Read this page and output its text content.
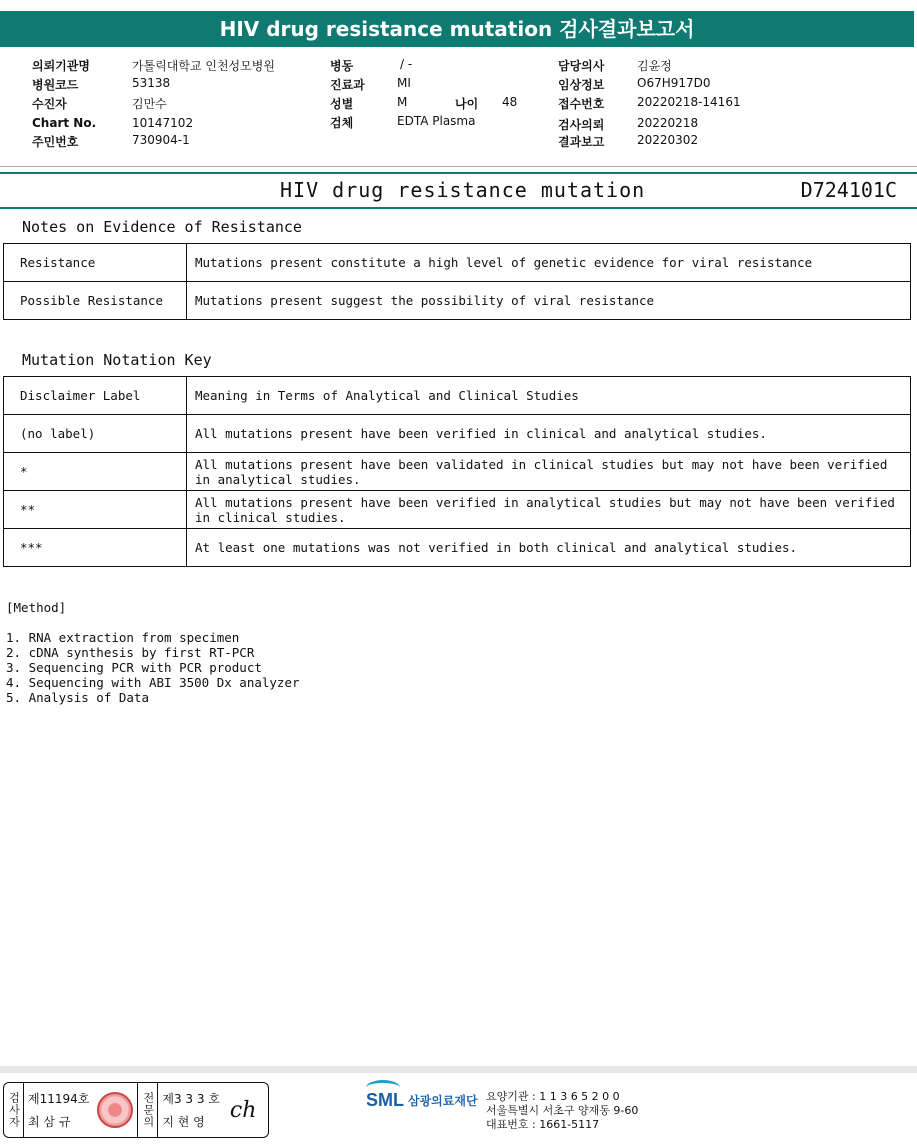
HIV drug resistance mutation 검사결과보고서
의뢰기관명	가톨릭대학교 인천성모병원
병원코드	53138
수진자	김만수
Chart No.	10147102
주민번호	730904-1
병동	/ -
진료과	MI
성별	M	나이 48
검체	EDTA Plasma
담당의사	김윤정
임상정보	O67H917D0
접수번호	20220218-14161
검사의뢰	20220218
결과보고	20220302
HIV drug resistance mutation	D724101C
Notes on Evidence of Resistance
Resistance	Mutations present constitute a high level of genetic evidence for viral resistance
Possible Resistance	Mutations present suggest the possibility of viral resistance
Mutation Notation Key
Disclaimer Label	Meaning in Terms of Analytical and Clinical Studies
(no label)	All mutations present have been verified in clinical and analytical studies.
*	All mutations present have been validated in clinical studies but may not have been verified in analytical studies.
**	All mutations present have been verified in analytical studies but may not have been verified in clinical studies.
***	At least one mutations was not verified in both clinical and analytical studies.
[Method]
1. RNA extraction from specimen
2. cDNA synthesis by first RT-PCR
3. Sequencing PCR with PCR product
4. Sequencing with ABI 3500 Dx analyzer
5. Analysis of Data
검사자 제11194호
최 삼 규	전문의 제3 3 3 호
지 현 영	ch	SML 삼광의료재단 요양기관 : 1 1 3 6 5 2 0 0
서울특별시 서초구 양재동 9-60
대표번호 : 1661-5117
